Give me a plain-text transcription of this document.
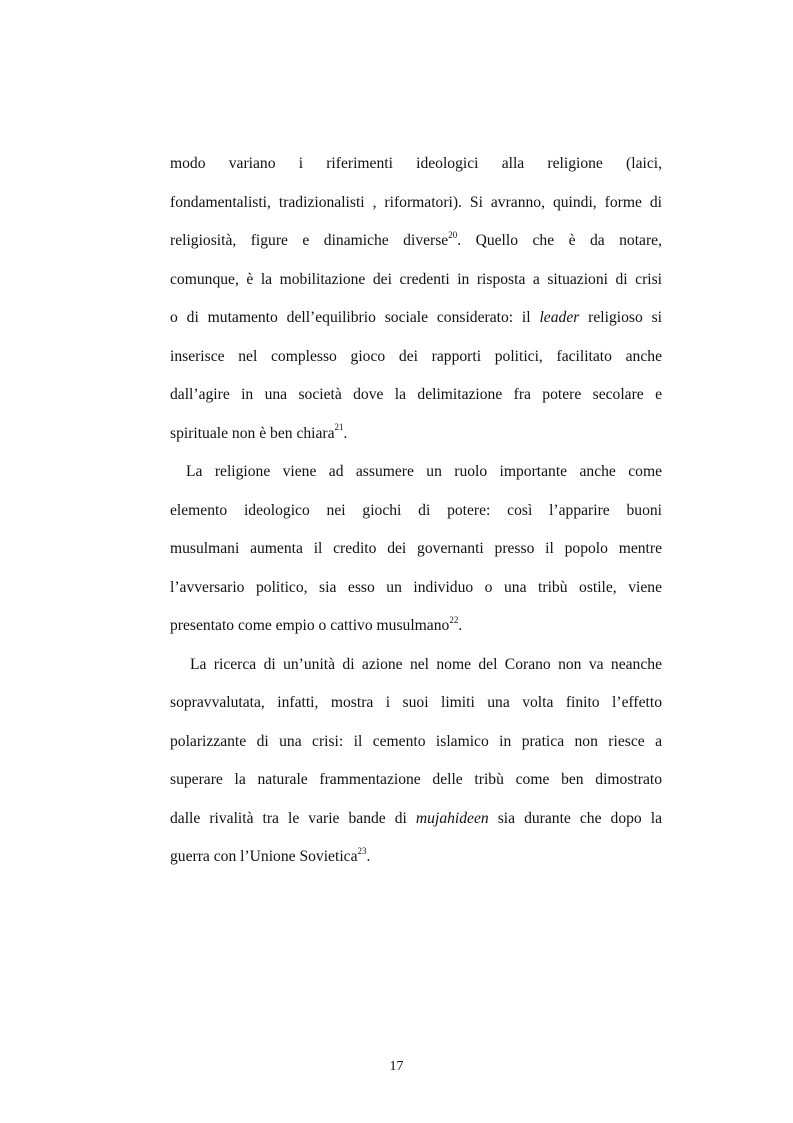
modo variano i riferimenti ideologici alla religione (laici,
fondamentalisti, tradizionalisti , riformatori). Si avranno, quindi, forme di
religiosità, figure e dinamiche diverse$^{20}$. Quello che è da notare,
comunque, è la mobilitazione dei credenti in risposta a situazioni di crisi
o di mutamento dell’equilibrio sociale considerato: il leader religioso si
inserisce nel complesso gioco dei rapporti politici, facilitato anche
dall’agire in una società dove la delimitazione fra potere secolare e
spirituale non è ben chiara$^{21}$.
La religione viene ad assumere un ruolo importante anche come
elemento ideologico nei giochi di potere: così l’apparire buoni
musulmani aumenta il credito dei governanti presso il popolo mentre
l’avversario politico, sia esso un individuo o una tribù ostile, viene
presentato come empio o cattivo musulmano$^{22}$.
La ricerca di un’unità di azione nel nome del Corano non va neanche
sopravvalutata, infatti, mostra i suoi limiti una volta finito l’effetto
polarizzante di una crisi: il cemento islamico in pratica non riesce a
superare la naturale frammentazione delle tribù come ben dimostrato
dalle rivalità tra le varie bande di mujahideen sia durante che dopo la
guerra con l’Unione Sovietica$^{23}$.
17
